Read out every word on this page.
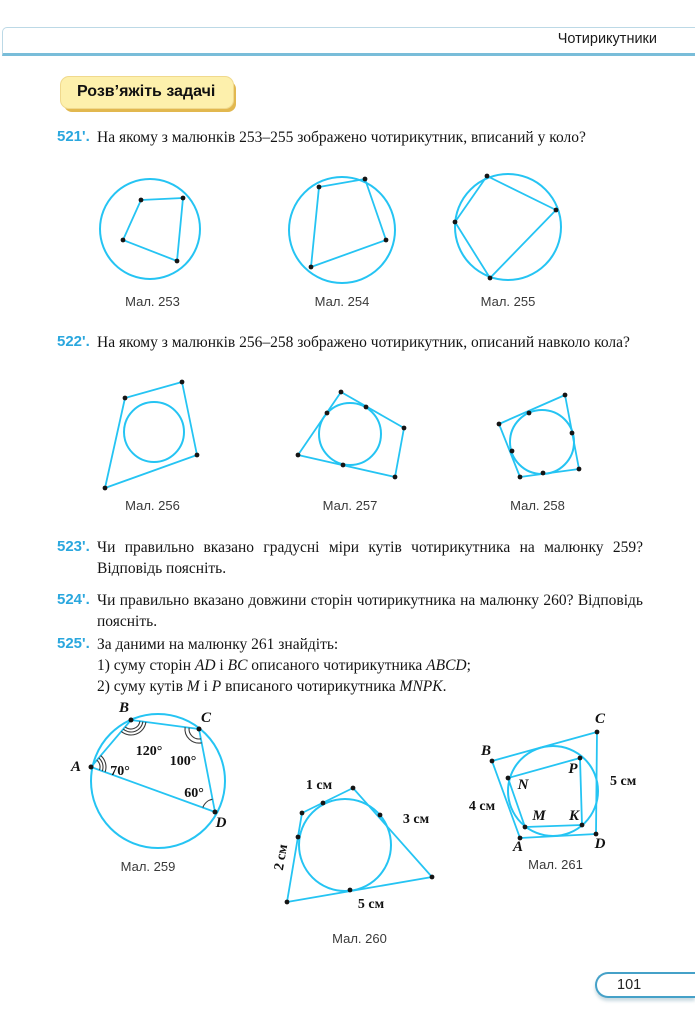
Чотирикутники
Розв’яжіть задачі
521'. На якому з малюнків 253–255 зображено чотирикутник, вписаний у коло?
Мал. 253	Мал. 254	Мал. 255
522'. На якому з малюнків 256–258 зображено чотирикутник, описаний навколо кола?
Мал. 256	Мал. 257	Мал. 258
523'. Чи правильно вказано градусні міри кутів чотирикутника на малюнку 259? Відповідь поясніть.
524'. Чи правильно вказано довжини сторін чотирикутника на малюнку 260? Відповідь поясніть.
525'. За даними на малюнку 261 знайдіть:
1) суму сторін AD і BC описаного чотирикутника ABCD;
2) суму кутів M і P вписаного чотирикутника MNPK.
A
B
C
D
120°
100°
70°
60°
Мал. 259
1 см
3 см
5 см
2 см
Мал. 260
B
C
A	D
N
P
M K
4 см
5 см
Мал. 261
101
